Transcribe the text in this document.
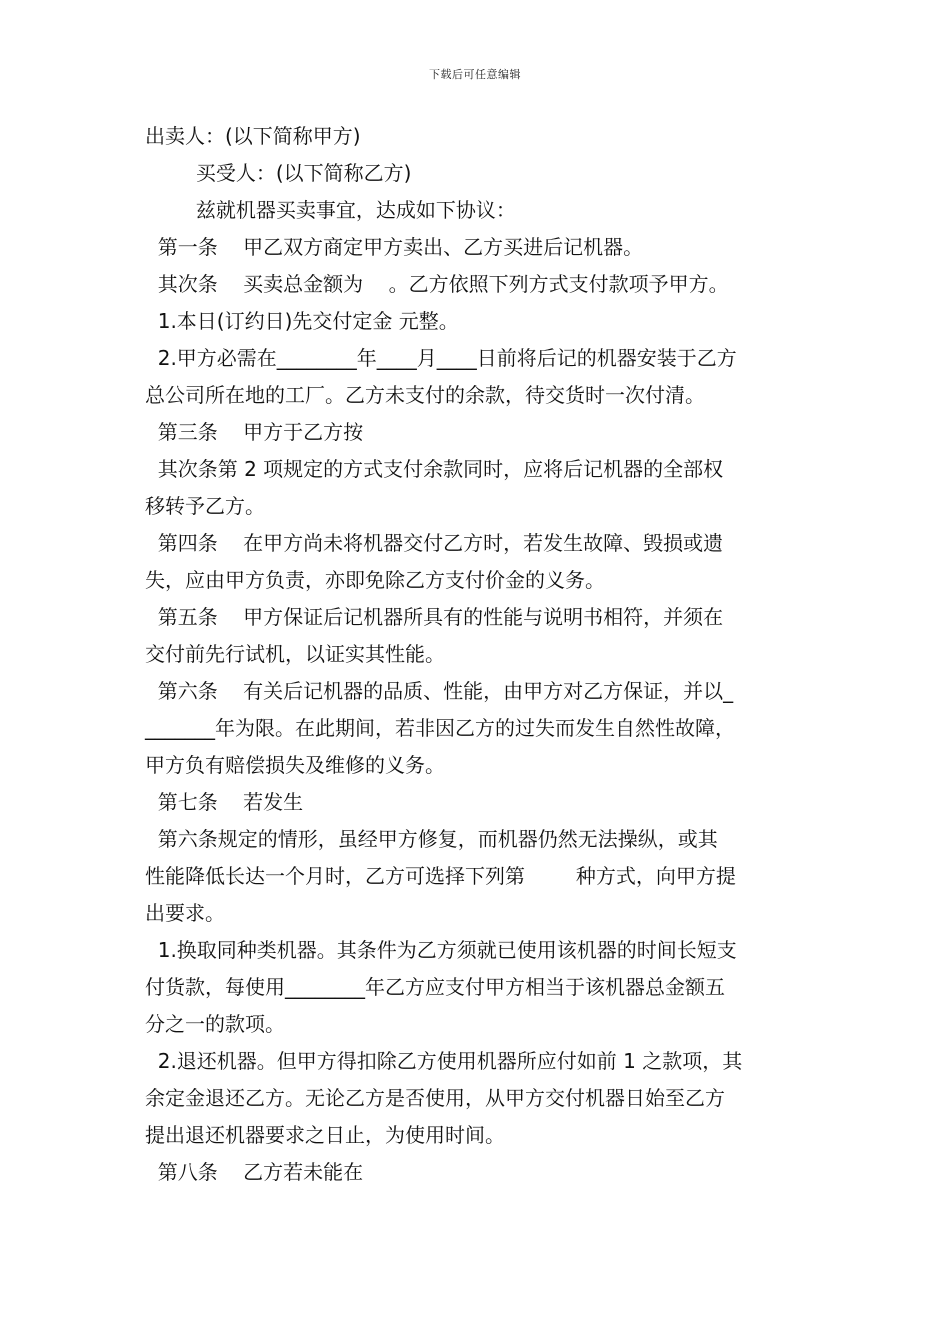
下载后可任意编辑
出卖人：(以下简称甲方)
买受人：(以下简称乙方)
兹就机器买卖事宜，达成如下协议：
第一条    甲乙双方商定甲方卖出、乙方买进后记机器。
其次条    买卖总金额为    。乙方依照下列方式支付款项予甲方。
1.本日(订约日)先交付定金 元整。
2.甲方必需在________年____月____日前将后记的机器安装于乙方
总公司所在地的工厂。乙方未支付的余款，待交货时一次付清。
第三条    甲方于乙方按
其次条第 2 项规定的方式支付余款同时，应将后记机器的全部权
移转予乙方。
第四条    在甲方尚未将机器交付乙方时，若发生故障、毁损或遗
失，应由甲方负责，亦即免除乙方支付价金的义务。
第五条    甲方保证后记机器所具有的性能与说明书相符，并须在
交付前先行试机，以证实其性能。
第六条    有关后记机器的品质、性能，由甲方对乙方保证，并以_
_______年为限。在此期间，若非因乙方的过失而发生自然性故障，
甲方负有赔偿损失及维修的义务。
第七条    若发生
第六条规定的情形，虽经甲方修复，而机器仍然无法操纵，或其
性能降低长达一个月时，乙方可选择下列第        种方式，向甲方提
出要求。
1.换取同种类机器。其条件为乙方须就已使用该机器的时间长短支
付货款，每使用________年乙方应支付甲方相当于该机器总金额五
分之一的款项。
2.退还机器。但甲方得扣除乙方使用机器所应付如前 1 之款项，其
余定金退还乙方。无论乙方是否使用，从甲方交付机器日始至乙方
提出退还机器要求之日止，为使用时间。
第八条    乙方若未能在
